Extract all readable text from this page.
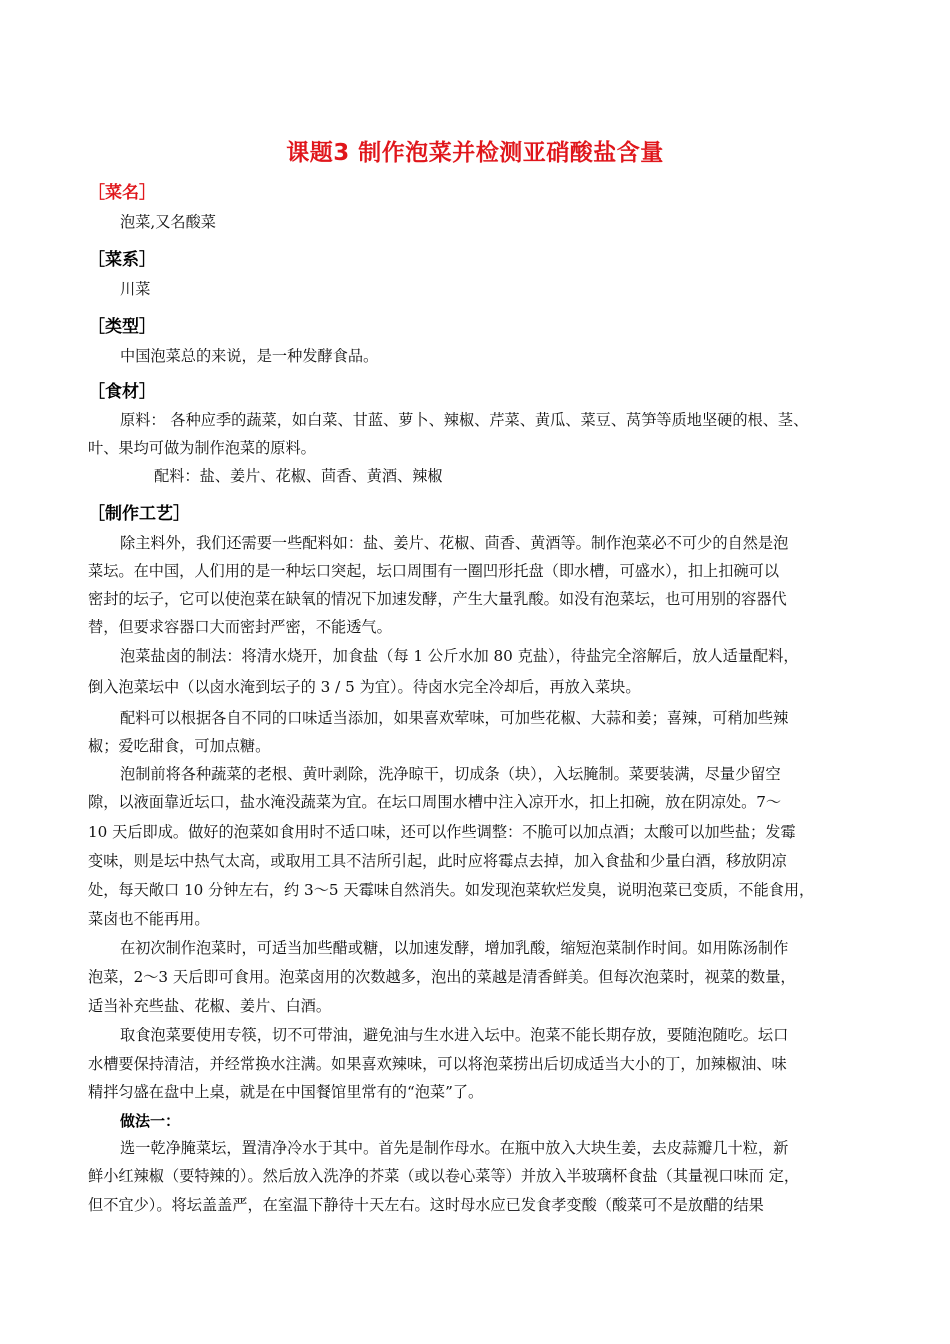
课题3 制作泡菜并检测亚硝酸盐含量
［菜名］
泡菜,又名酸菜
［菜系］
川菜
［类型］
中国泡菜总的来说，是一种发酵食品。
［食材］
原料： 各种应季的蔬菜，如白菜、甘蓝、萝卜、辣椒、芹菜、黄瓜、菜豆、莴笋等质地坚硬的根、茎、
叶、果均可做为制作泡菜的原料。
配料：盐、姜片、花椒、茴香、黄酒、辣椒
［制作工艺］
除主料外，我们还需要一些配料如：盐、姜片、花椒、茴香、黄酒等。制作泡菜必不可少的自然是泡
菜坛。在中国，人们用的是一种坛口突起，坛口周围有一圈凹形托盘（即水槽，可盛水），扣上扣碗可以
密封的坛子，它可以使泡菜在缺氧的情况下加速发酵，产生大量乳酸。如没有泡菜坛，也可用别的容器代
替，但要求容器口大而密封严密，不能透气。
泡菜盐卤的制法：将清水烧开，加食盐（每 1 公斤水加 80 克盐），待盐完全溶解后，放人适量配料，
倒入泡菜坛中（以卤水淹到坛子的 3 / 5 为宜）。待卤水完全冷却后，再放入菜块。
配料可以根据各自不同的口味适当添加，如果喜欢荤味，可加些花椒、大蒜和姜；喜辣，可稍加些辣
椒；爱吃甜食，可加点糖。
泡制前将各种蔬菜的老根、黄叶剥除，洗净晾干，切成条（块），入坛腌制。菜要装满，尽量少留空
隙，以液面靠近坛口，盐水淹没蔬菜为宜。在坛口周围水槽中注入凉开水，扣上扣碗，放在阴凉处。7～
10 天后即成。做好的泡菜如食用时不适口味，还可以作些调整：不脆可以加点酒；太酸可以加些盐；发霉
变味，则是坛中热气太高，或取用工具不洁所引起，此时应将霉点去掉，加入食盐和少量白酒，移放阴凉
处，每天敞口 10 分钟左右，约 3～5 天霉味自然消失。如发现泡菜软烂发臭，说明泡菜已变质，不能食用，
菜卤也不能再用。
在初次制作泡菜时，可适当加些醋或糖，以加速发酵，增加乳酸，缩短泡菜制作时间。如用陈汤制作
泡菜，2～3 天后即可食用。泡菜卤用的次数越多，泡出的菜越是清香鲜美。但每次泡菜时，视菜的数量，
适当补充些盐、花椒、姜片、白酒。
取食泡菜要使用专筷，切不可带油，避免油与生水进入坛中。泡菜不能长期存放，要随泡随吃。坛口
水槽要保持清洁，并经常换水注满。如果喜欢辣味，可以将泡菜捞出后切成适当大小的丁，加辣椒油、味
精拌匀盛在盘中上桌，就是在中国餐馆里常有的“泡菜”了。
做法一：
选一乾净腌菜坛，置清净冷水于其中。首先是制作母水。在瓶中放入大块生姜，去皮蒜瓣几十粒，新
鲜小红辣椒（要特辣的）。然后放入洗净的芥菜（或以卷心菜等）并放入半玻璃杯食盐（其量视口味而 定，
但不宜少）。将坛盖盖严，在室温下静待十天左右。这时母水应已发食孝变酸（酸菜可不是放醋的结果
